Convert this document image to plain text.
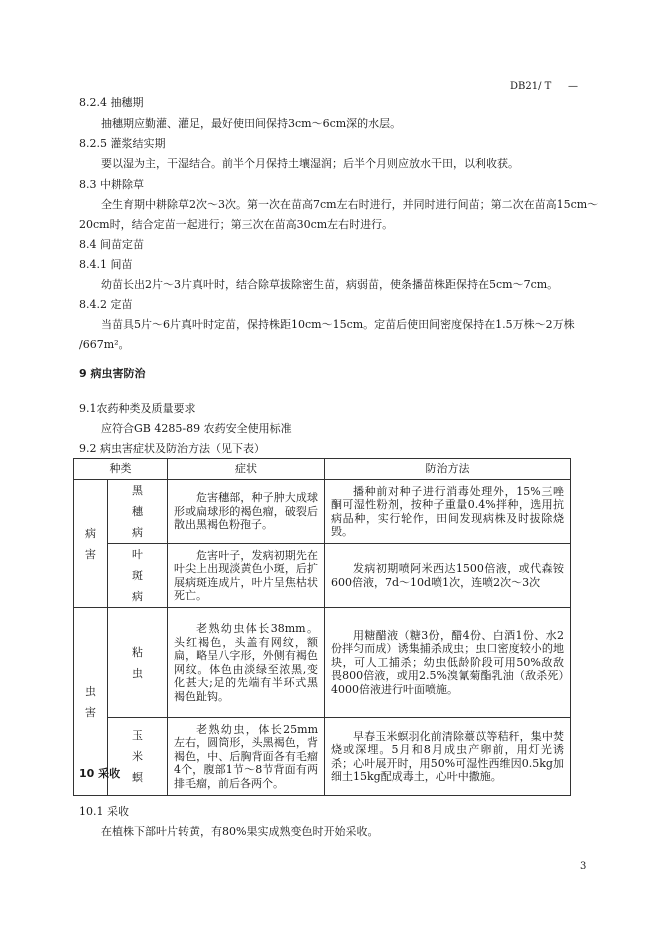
DB21/ T —
8.2.4 抽穗期
抽穗期应勤灌、灌足，最好使田间保持3cm～6cm深的水层。
8.2.5 灌浆结实期
要以湿为主，干湿结合。前半个月保持土壤湿润；后半个月则应放水干田，以利收获。
8.3 中耕除草
全生育期中耕除草2次～3次。第一次在苗高7cm左右时进行，并同时进行间苗；第二次在苗高15cm～
20cm时，结合定苗一起进行；第三次在苗高30cm左右时进行。
8.4 间苗定苗
8.4.1 间苗
幼苗长出2片～3片真叶时，结合除草拔除密生苗，病弱苗，使条播苗株距保持在5cm～7cm。
8.4.2 定苗
当苗具5片～6片真叶时定苗，保持株距10cm～15cm。定苗后使田间密度保持在1.5万株～2万株
/667m²。
9 病虫害防治
9.1农药种类及质量要求
应符合GB 4285-89 农药安全使用标准
9.2 病虫害症状及防治方法（见下表）
种类		症状	防治方法
病害	黑穗病	危害穗部，种子肿大成球形或扁球形的褐色瘤，破裂后散出黑褐色粉孢子。	播种前对种子进行消毒处理外，15%三唑酮可湿性粉剂，按种子重量0.4%拌种，选用抗病品种，实行轮作，田间发现病株及时拔除烧毁。
	叶斑病	危害叶子，发病初期先在叶尖上出现淡黄色小斑，后扩展病斑连成片，叶片呈焦枯状死亡。	发病初期喷阿米西达1500倍液，或代森铵600倍液，7d～10d喷1次，连喷2次～3次
虫害	粘虫	老熟幼虫体长38mm。头红褐色，头盖有网纹，额扁，略呈八字形，外侧有褐色网纹。体色由淡绿至浓黑,变化甚大;足的先端有半环式黑褐色趾钩。	用糖醋液（糖3份，醋4份、白酒1份、水2份拌匀而成）诱集捕杀成虫；虫口密度较小的地块，可人工捕杀；幼虫低龄阶段可用50%敌敌畏800倍液，或用2.5%溴氰菊酯乳油（敌杀死）4000倍液进行叶面喷施。
	玉米螟	老熟幼虫，体长25mm左右，圆筒形，头黑褐色，背褐色，中、后胸背面各有毛瘤4个，腹部1节～8节背面有两排毛瘤，前后各两个。	早春玉米螟羽化前清除薹苡等秸秆，集中焚烧或深埋。5月和8月成虫产卵前，用灯光诱杀；心叶展开时，用50%可湿性西维因0.5kg加细土15kg配成毒土，心叶中撒施。
10 采收
10.1 采收
在植株下部叶片转黄，有80%果实成熟变色时开始采收。
3
